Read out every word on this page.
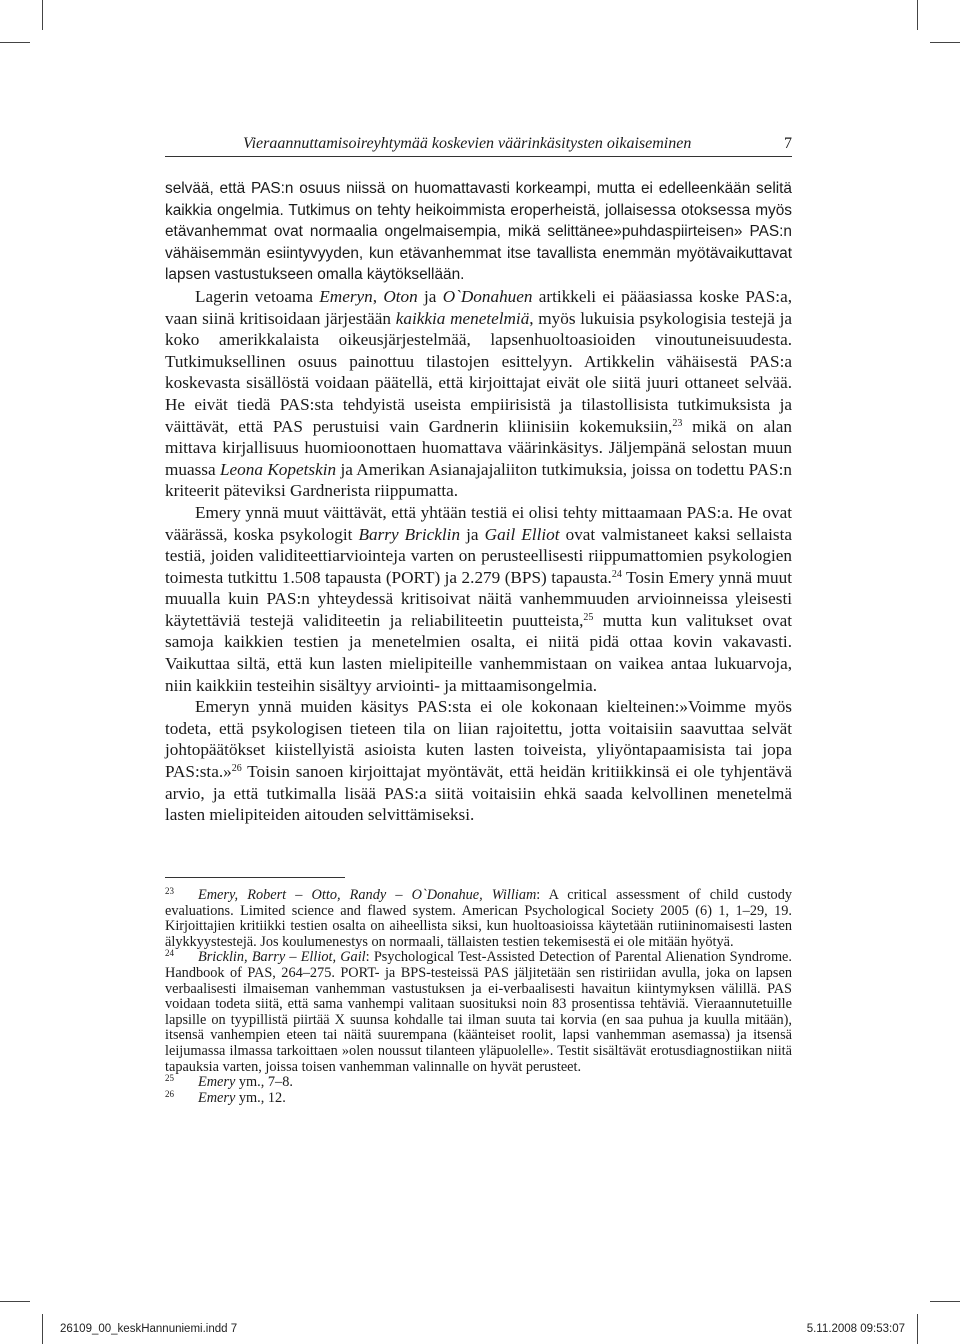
Vieraannuttamisoireyhtymää koskevien väärinkäsitysten oikaiseminen	7

selvää, että PAS:n osuus niissä on huomattavasti korkeampi, mutta ei edelleenkään selitä kaikkia ongelmia. Tutkimus on tehty heikoimmista eroperheistä, jollaisessa otoksessa myös etävanhemmat ovat normaalia ongelmaisempia, mikä selittänee»puhdaspiirteisen» PAS:n vähäisemmän esiintyvyyden, kun etävanhemmat itse tavallista enemmän myötävaikuttavat lapsen vastustukseen omalla käytöksellään.

Lagerin vetoama Emeryn, Oton ja O`Donahuen artikkeli ei pääasiassa koske PAS:a, vaan siinä kritisoidaan järjestään kaikkia menetelmiä, myös lukuisia psykologisia testejä ja koko amerikkalaista oikeusjärjestelmää, lapsenhuoltoasioiden vinoutuneisuudesta. Tutkimuksellinen osuus painottuu tilastojen esittelyyn. Artikkelin vähäisestä PAS:a koskevasta sisällöstä voidaan päätellä, että kirjoittajat eivät ole siitä juuri ottaneet selvää. He eivät tiedä PAS:sta tehdyistä useista empiirisistä ja tilastollisista tutkimuksista ja väittävät, että PAS perustuisi vain Gardnerin kliinisiin kokemuksiin,$^{23}$ mikä on alan mittava kirjallisuus huomioonottaen huomattava väärinkäsitys. Jäljempänä selostan muun muassa Leona Kopetskin ja Amerikan Asianajajaliiton tutkimuksia, joissa on todettu PAS:n kriteerit päteviksi Gardnerista riippumatta.

Emery ynnä muut väittävät, että yhtään testiä ei olisi tehty mittaamaan PAS:a. He ovat väärässä, koska psykologit Barry Bricklin ja Gail Elliot ovat valmistaneet kaksi sellaista testiä, joiden validiteettiarviointeja varten on perusteellisesti riippumattomien psykologien toimesta tutkittu 1.508 tapausta (PORT) ja 2.279 (BPS) tapausta.$^{24}$ Tosin Emery ynnä muut muualla kuin PAS:n yhteydessä kritisoivat näitä vanhemmuuden arvioinneissa yleisesti käytettäviä testejä validiteetin ja reliabiliteetin puutteista,$^{25}$ mutta kun valitukset ovat samoja kaikkien testien ja menetelmien osalta, ei niitä pidä ottaa kovin vakavasti. Vaikuttaa siltä, että kun lasten mielipiteille vanhemmistaan on vaikea antaa lukuarvoja, niin kaikkiin testeihin sisältyy arviointi- ja mittaamisongelmia.

Emeryn ynnä muiden käsitys PAS:sta ei ole kokonaan kielteinen:»Voimme myös todeta, että psykologisen tieteen tila on liian rajoitettu, jotta voitaisiin saavuttaa selvät johtopäätökset kiistellyistä asioista kuten lasten toiveista, yliyöntapaamisista tai jopa PAS:sta.»$^{26}$ Toisin sanoen kirjoittajat myöntävät, että heidän kritiikkinsä ei ole tyhjentävä arvio, ja että tutkimalla lisää PAS:a siitä voitaisiin ehkä saada kelvollinen menetelmä lasten mielipiteiden aitouden selvittämiseksi.

23 Emery, Robert – Otto, Randy – O`Donahue, William: A critical assessment of child custody evaluations. Limited science and flawed system. American Psychological Society 2005 (6) 1, 1–29, 19. Kirjoittajien kritiikki testien osalta on aiheellista siksi, kun huoltoasioissa käytetään rutiininomaisesti lasten älykkyystestejä. Jos koulumenestys on normaali, tällaisten testien tekemisestä ei ole mitään hyötyä.
24 Bricklin, Barry – Elliot, Gail: Psychological Test-Assisted Detection of Parental Alienation Syndrome. Handbook of PAS, 264–275. PORT- ja BPS-testeissä PAS jäljitetään sen ristiriidan avulla, joka on lapsen verbaalisesti ilmaiseman vanhemman vastustuksen ja ei-verbaalisesti havaitun kiintymyksen välillä. PAS voidaan todeta siitä, että sama vanhempi valitaan suosituksi noin 83 prosentissa tehtäviä. Vieraannutetuille lapsille on tyypillistä piirtää X suunsa kohdalle tai ilman suuta tai korvia (en saa puhua ja kuulla mitään), itsensä vanhempien eteen tai näitä suurempana (käänteiset roolit, lapsi vanhemman asemassa) ja itsensä leijumassa ilmassa tarkoittaen »olen noussut tilanteen yläpuolelle». Testit sisältävät erotusdiagnostiikan niitä tapauksia varten, joissa toisen vanhemman valinnalle on hyvät perusteet.
25 Emery ym., 7–8.
26 Emery ym., 12.
26109_00_keskHannuniemi.indd 7	5.11.2008 09:53:07
